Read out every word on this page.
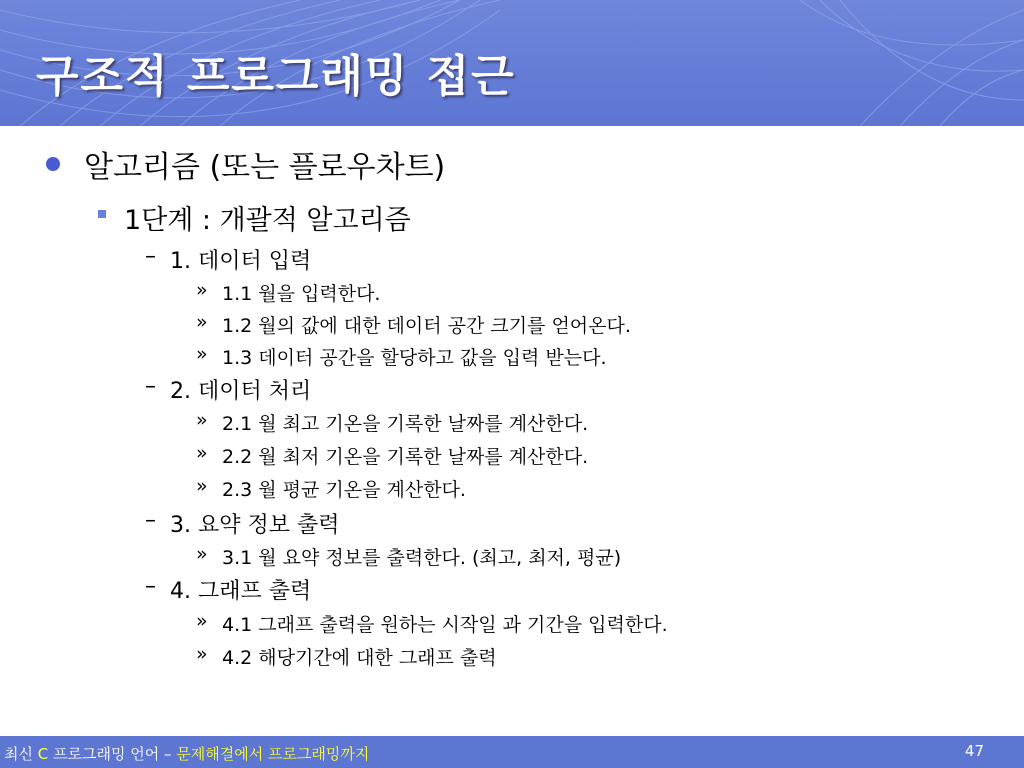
구조적 프로그래밍 접근
알고리즘 (또는 플로우차트)
1단계 : 개괄적 알고리즘
– 1. 데이터 입력
» 1.1 월을 입력한다.
» 1.2 월의 값에 대한 데이터 공간 크기를 얻어온다.
» 1.3 데이터 공간을 할당하고 값을 입력 받는다.
– 2. 데이터 처리
» 2.1 월 최고 기온을 기록한 날짜를 계산한다.
» 2.2 월 최저 기온을 기록한 날짜를 계산한다.
» 2.3 월 평균 기온을 계산한다.
– 3. 요약 정보 출력
» 3.1 월 요약 정보를 출력한다. (최고, 최저, 평균)
– 4. 그래프 출력
» 4.1 그래프 출력을 원하는 시작일 과 기간을 입력한다.
» 4.2 해당기간에 대한 그래프 출력
최신 C 프로그래밍 언어 – 문제해결에서 프로그래밍까지	47
